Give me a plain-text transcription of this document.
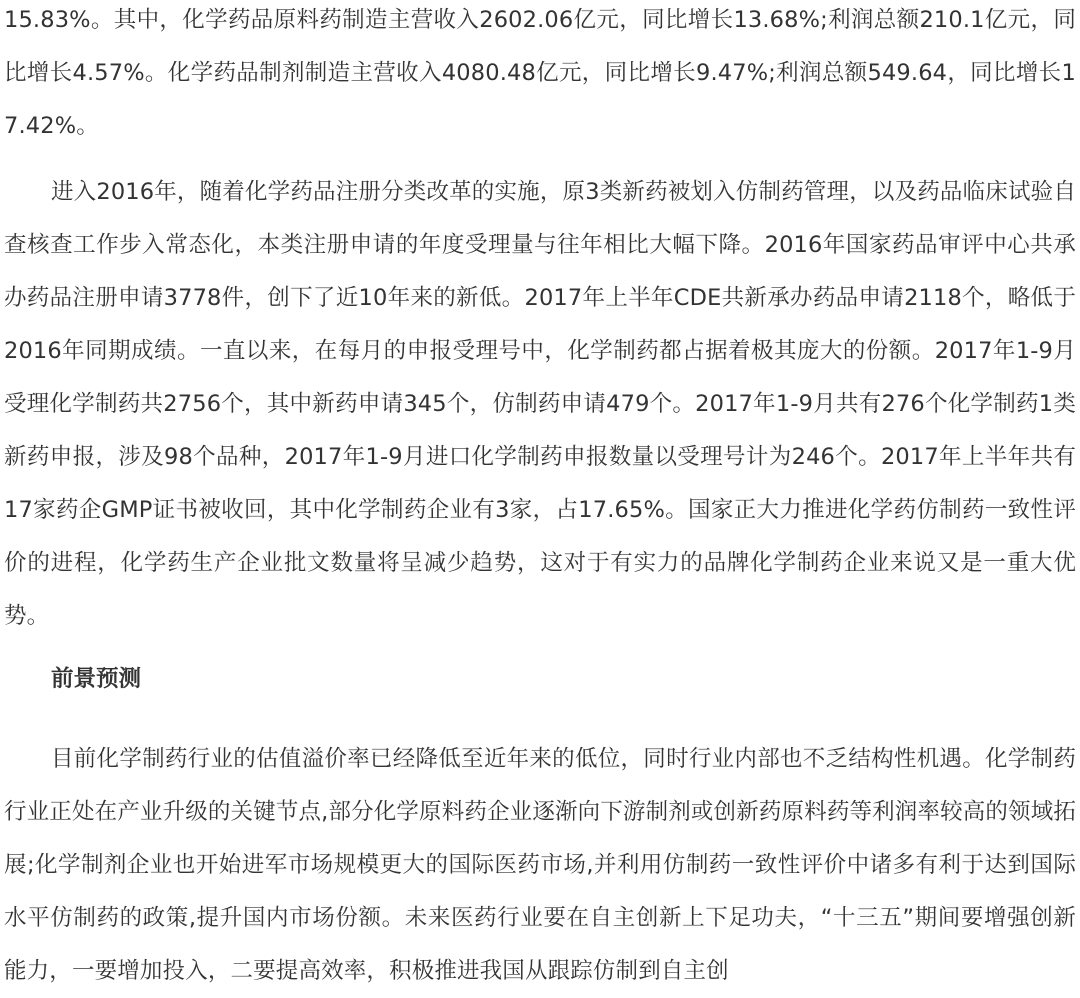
15.83%。其中，化学药品原料药制造主营收入2602.06亿元，同比增长13.68%;利润总额210.1亿元，同比增长4.57%。化学药品制剂制造主营收入4080.48亿元，同比增长9.47%;利润总额549.64，同比增长17.42%。

进入2016年，随着化学药品注册分类改革的实施，原3类新药被划入仿制药管理，以及药品临床试验自查核查工作步入常态化，本类注册申请的年度受理量与往年相比大幅下降。2016年国家药品审评中心共承办药品注册申请3778件，创下了近10年来的新低。2017年上半年CDE共新承办药品申请2118个，略低于2016年同期成绩。一直以来，在每月的申报受理号中，化学制药都占据着极其庞大的份额。2017年1-9月受理化学制药共2756个，其中新药申请345个，仿制药申请479个。2017年1-9月共有276个化学制药1类新药申报，涉及98个品种，2017年1-9月进口化学制药申报数量以受理号计为246个。2017年上半年共有17家药企GMP证书被收回，其中化学制药企业有3家，占17.65%。国家正大力推进化学药仿制药一致性评价的进程，化学药生产企业批文数量将呈减少趋势，这对于有实力的品牌化学制药企业来说又是一重大优势。

前景预测

目前化学制药行业的估值溢价率已经降低至近年来的低位，同时行业内部也不乏结构性机遇。化学制药行业正处在产业升级的关键节点,部分化学原料药企业逐渐向下游制剂或创新药原料药等利润率较高的领域拓展;化学制剂企业也开始进军市场规模更大的国际医药市场,并利用仿制药一致性评价中诸多有利于达到国际水平仿制药的政策,提升国内市场份额。未来医药行业要在自主创新上下足功夫，“十三五”期间要增强创新能力，一要增加投入，二要提高效率，积极推进我国从跟踪仿制到自主创
